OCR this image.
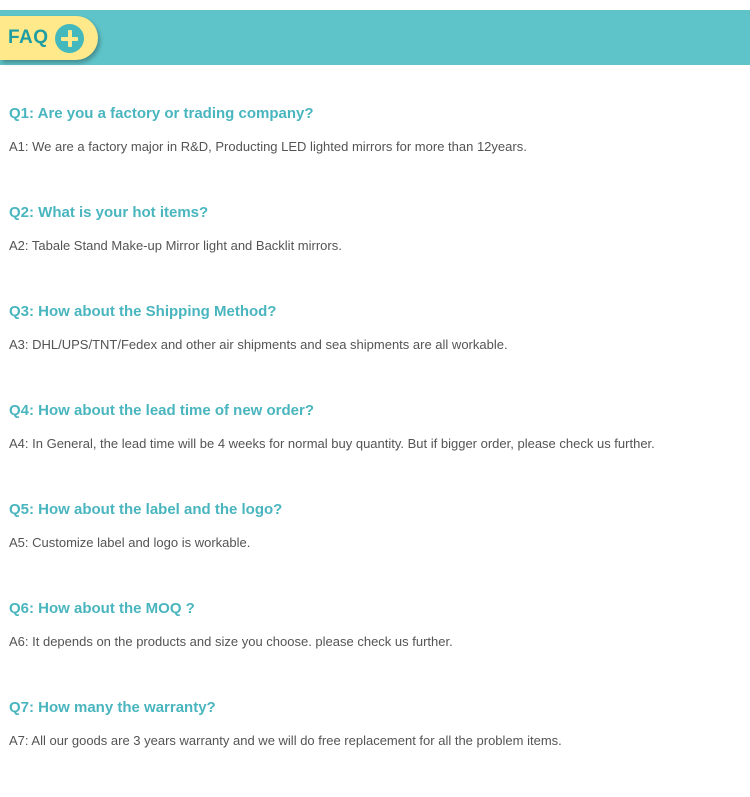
FAQ

Q1: Are you a factory or trading company?

A1: We are a factory major in R&D, Producting LED lighted mirrors for more than 12years.

Q2: What is your hot items?

A2: Tabale Stand Make-up Mirror light and Backlit mirrors.

Q3: How about the Shipping Method?

A3: DHL/UPS/TNT/Fedex and other air shipments and sea shipments are all workable.

Q4: How about the lead time of new order?

A4: In General, the lead time will be 4 weeks for normal buy quantity. But if bigger order, please check us further.

Q5: How about the label and the logo?

A5: Customize label and logo is workable.

Q6: How about the MOQ ?

A6: It depends on the products and size you choose. please check us further.

Q7: How many the warranty?

A7: All our goods are 3 years warranty and we will do free replacement for all the problem items.
